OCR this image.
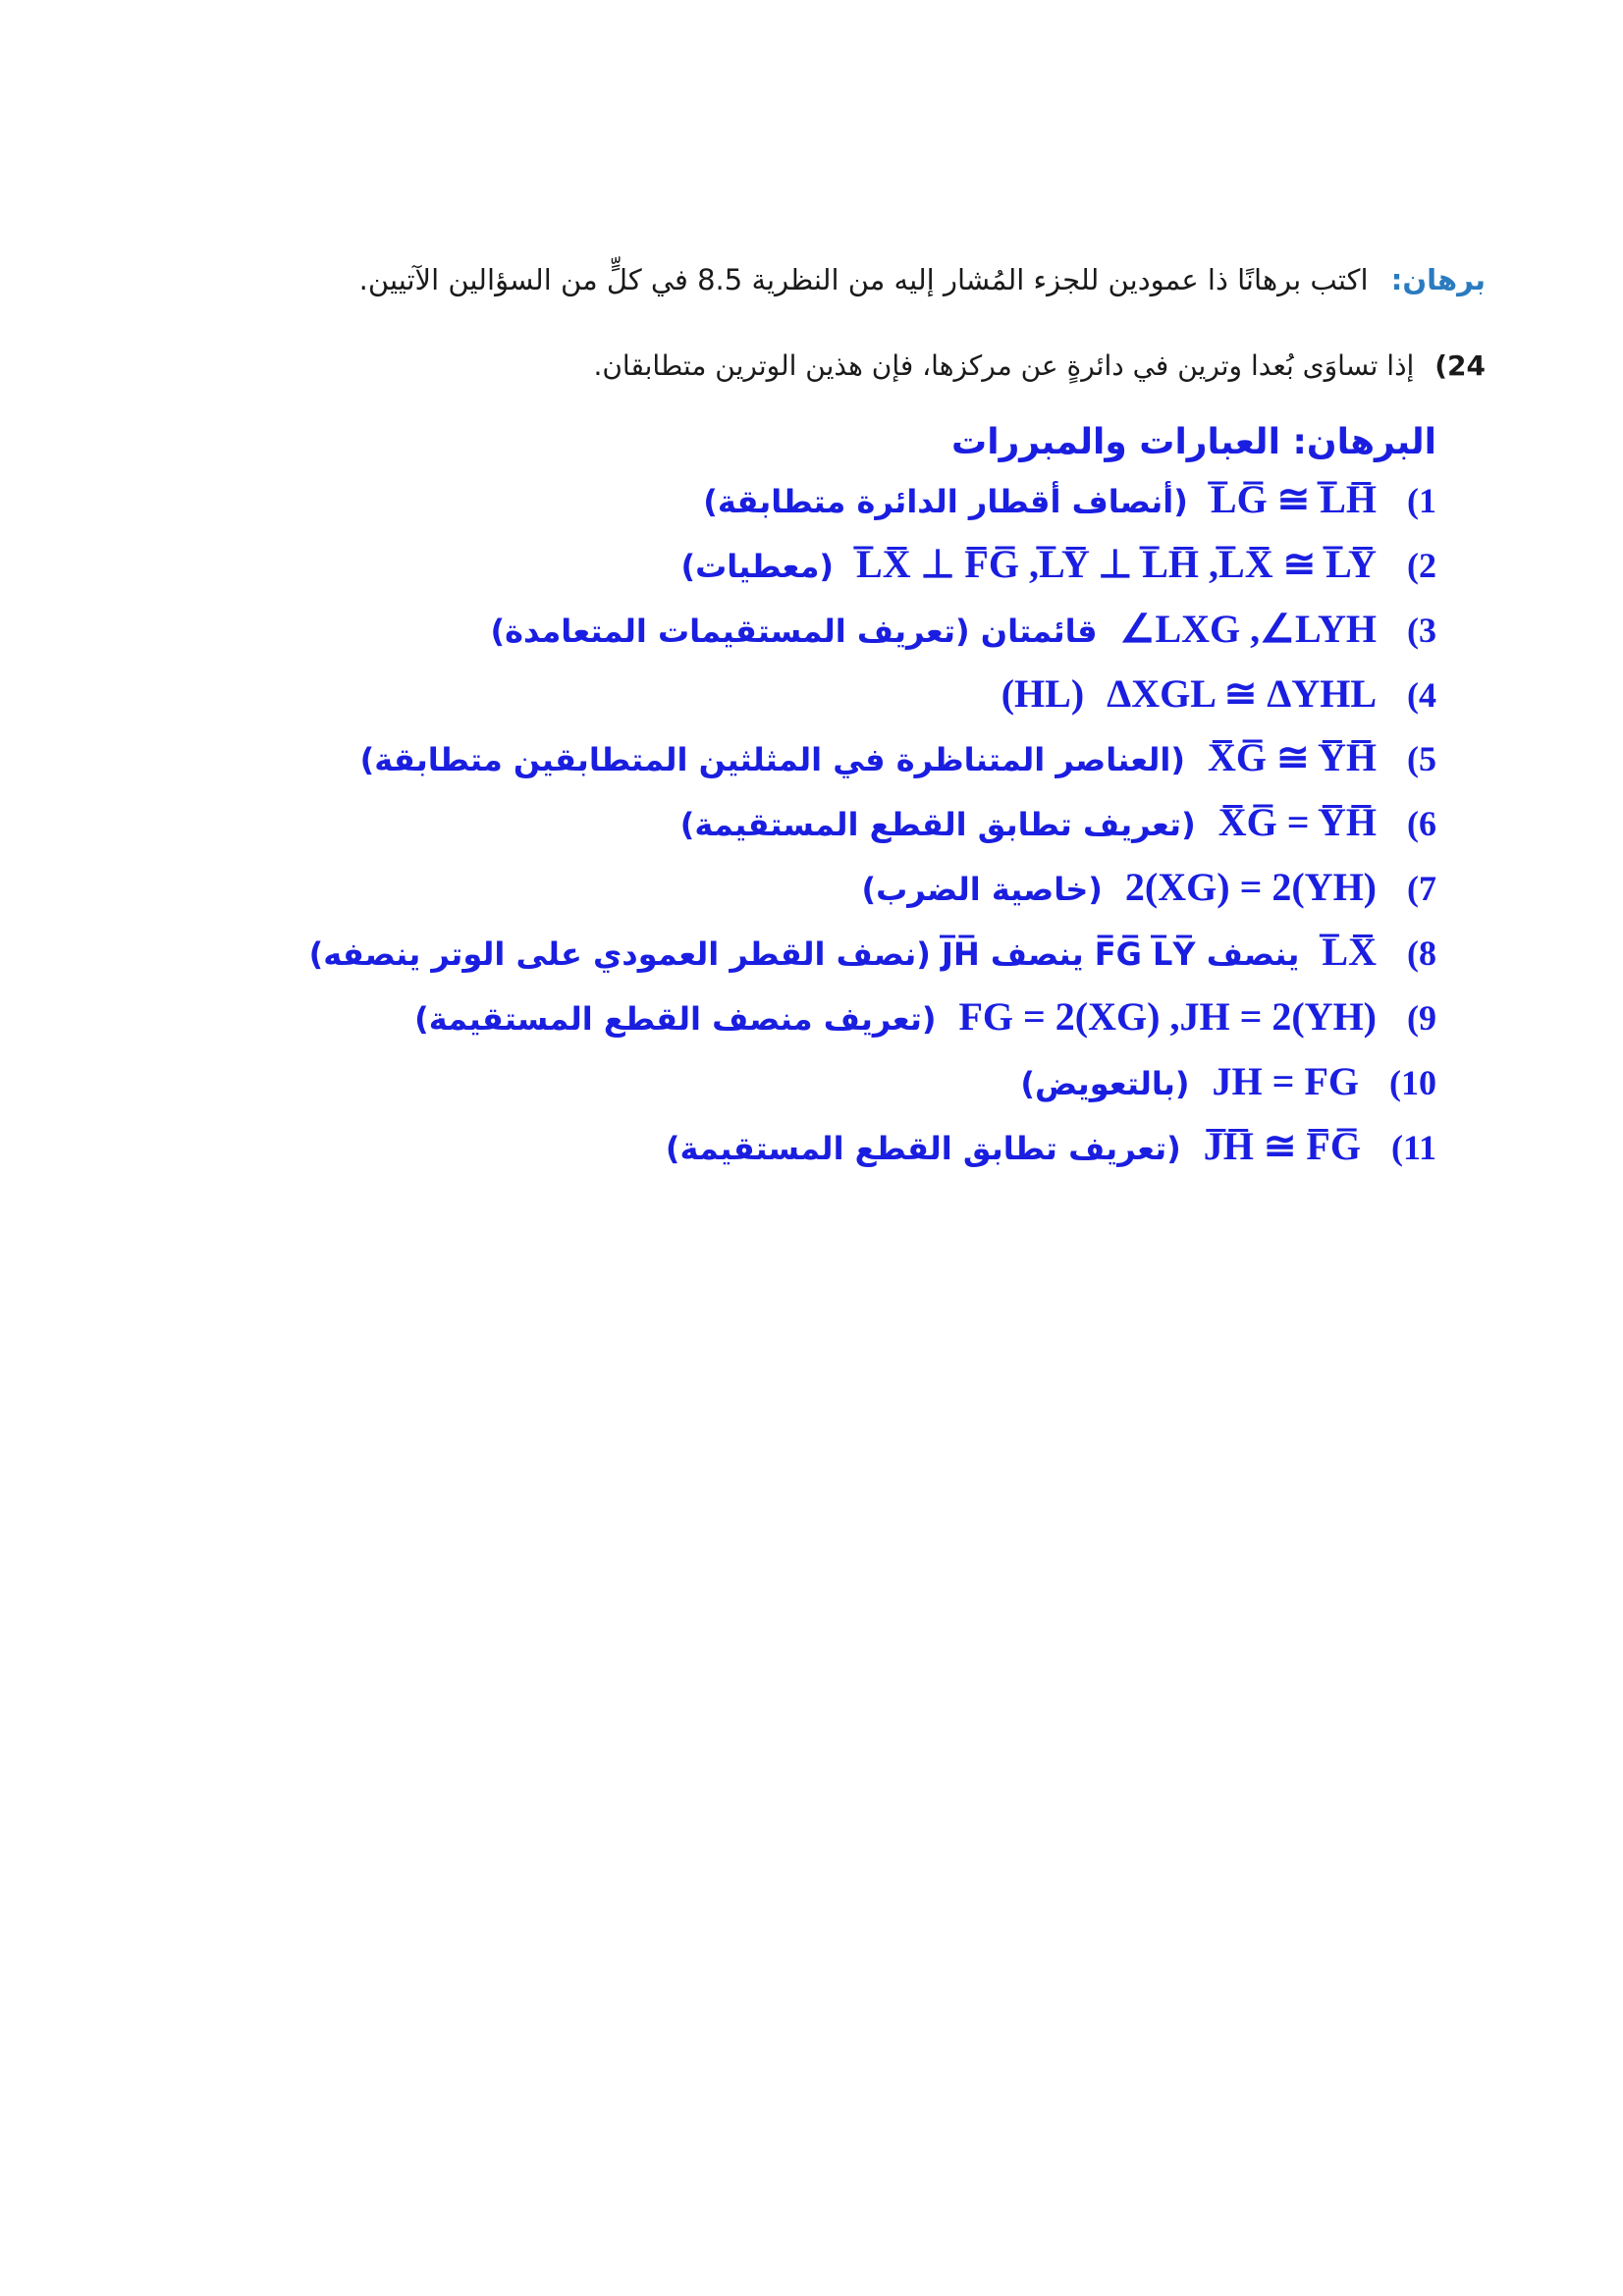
برهان: اكتب برهانًا ذا عمودين للجزء المُشار إليه من النظرية 8.5 في كلٍّ من السؤالين الآتيين.
24) إذا تساوَى بُعدا وترين في دائرةٍ عن مركزها، فإن هذين الوترين متطابقان.
البرهان: العبارات والمبررات
1) L̅G̅ ≅ L̅H̅ (أنصاف أقطار الدائرة متطابقة)
2) L̅X̅ ⊥ F̅G̅ ,L̅Y̅ ⊥ L̅H̅ ,L̅X̅ ≅ L̅Y̅ (معطيات)
3) ∠LXG ,∠LYH قائمتان (تعريف المستقيمات المتعامدة)
4) ΔXGL ≅ ΔYHL (HL)
5) X̅G̅ ≅ Y̅H̅ (العناصر المتناظرة في المثلثين المتطابقين متطابقة)
6) X̅G̅ = Y̅H̅ (تعريف تطابق القطع المستقيمة)
7) 2(XG) = 2(YH) (خاصية الضرب)
8) L̅X̅ ينصف F̅G̅ L̅Y̅ ينصف J̅H̅ (نصف القطر العمودي على الوتر ينصفه)
9) FG = 2(XG) ,JH = 2(YH) (تعريف منصف القطع المستقيمة)
10) JH = FG (بالتعويض)
11) J̅H̅ ≅ F̅G̅ (تعريف تطابق القطع المستقيمة)
